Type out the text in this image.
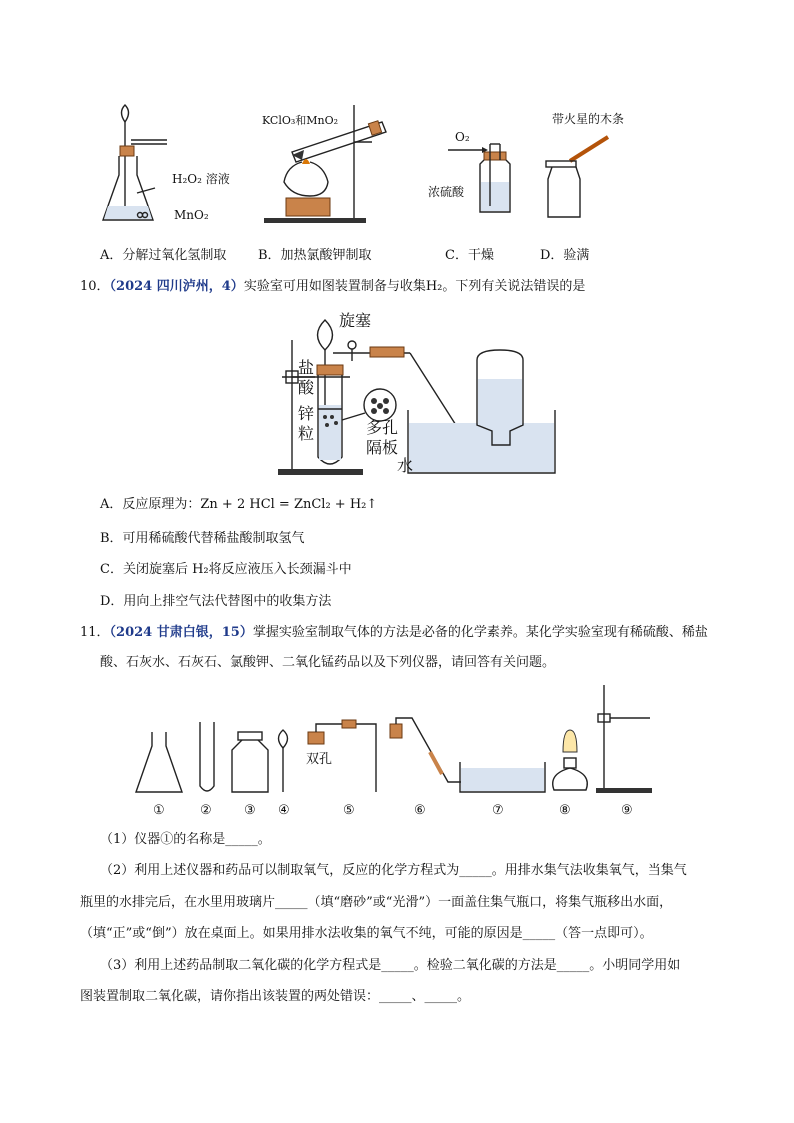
H₂O₂ 溶液
MnO₂
KClO₃和MnO₂
O₂
浓硫酸
带火星的木条
A．分解过氧化氢制取 B．加热氯酸钾制取	C．干燥	D．验满
10．（2024 四川泸州，4）实验室可用如图装置制备与收集H₂。下列有关说法错误的是
旋塞
盐
酸
锌
粒	多孔
隔板
水
A．反应原理为：Zn + 2 HCl = ZnCl₂ + H₂↑
B．可用稀硫酸代替稀盐酸制取氢气
C．关闭旋塞后 H₂将反应液压入长颈漏斗中
D．用向上排空气法代替图中的收集方法
11．（2024 甘肃白银，15）掌握实验室制取气体的方法是必备的化学素养。某化学实验室现有稀硫酸、稀盐
酸、石灰水、石灰石、氯酸钾、二氧化锰药品以及下列仪器，请回答有关问题。
双孔
①	② ③ ④	⑤	⑥	⑦	⑧	⑨
（1）仪器①的名称是_____。
（2）利用上述仪器和药品可以制取氧气，反应的化学方程式为_____。用排水集气法收集氧气，当集气
瓶里的水排完后，在水里用玻璃片_____（填“磨砂”或“光滑”）一面盖住集气瓶口，将集气瓶移出水面，
（填“正”或“倒”）放在桌面上。如果用排水法收集的氧气不纯，可能的原因是_____（答一点即可）。
（3）利用上述药品制取二氧化碳的化学方程式是_____。检验二氧化碳的方法是_____。小明同学用如
图装置制取二氧化碳，请你指出该装置的两处错误：_____、_____。
